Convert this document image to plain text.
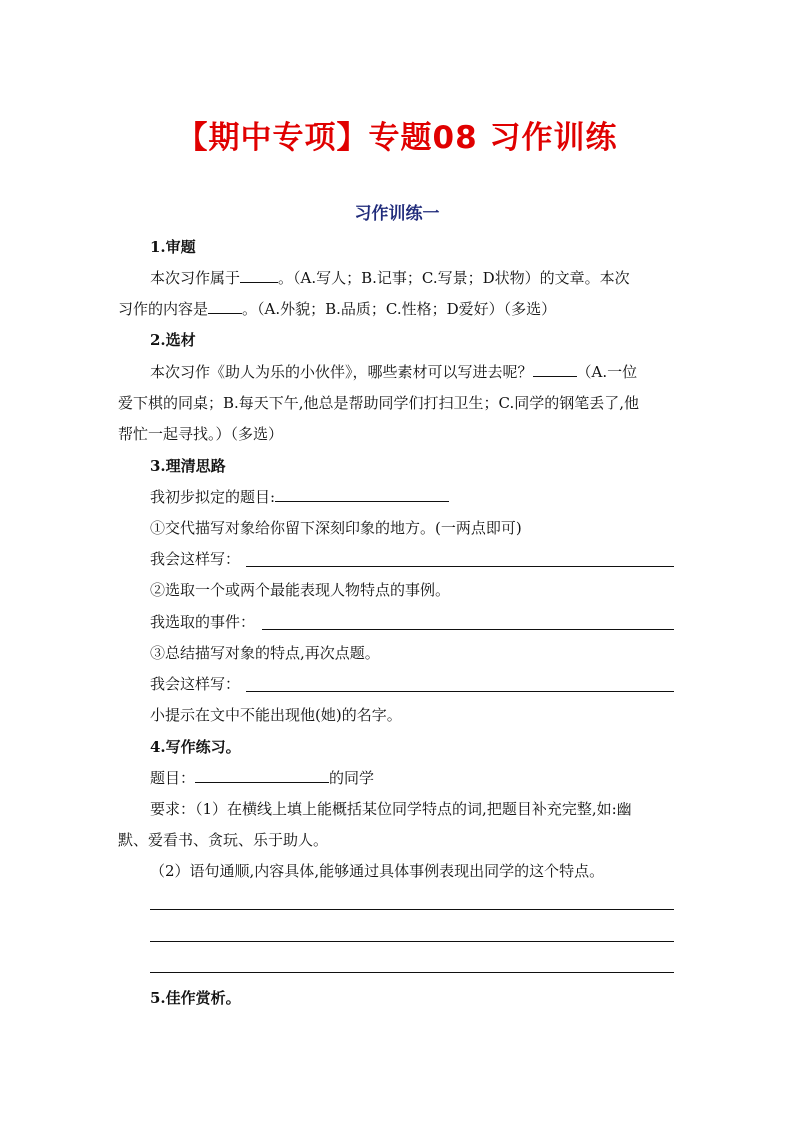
【期中专项】专题08 习作训练
习作训练一
1.审题
本次习作属于	。（A.写人；B.记事；C.写景；D状物）的文章。本次
习作的内容是 。（A.外貌；B.品质；C.性格；D爱好）（多选）
2.选材
本次习作《助人为乐的小伙伴》，哪些素材可以写进去呢？	（A.一位
爱下棋的同桌；B.每天下午,他总是帮助同学们打扫卫生；C.同学的钢笔丢了,他
帮忙一起寻找。）（多选）
3.理清思路
我初步拟定的题目:
①交代描写对象给你留下深刻印象的地方。(一两点即可)
我会这样写：
②选取一个或两个最能表现人物特点的事例。
我选取的事件：
③总结描写对象的特点,再次点题。
我会这样写：
小提示在文中不能出现他(她)的名字。
4.写作练习。
题目：	的同学
要求：（1）在横线上填上能概括某位同学特点的词,把题目补充完整,如:幽
默、爱看书、贪玩、乐于助人。
（2）语句通顺,内容具体,能够通过具体事例表现出同学的这个特点。
5.佳作赏析。
